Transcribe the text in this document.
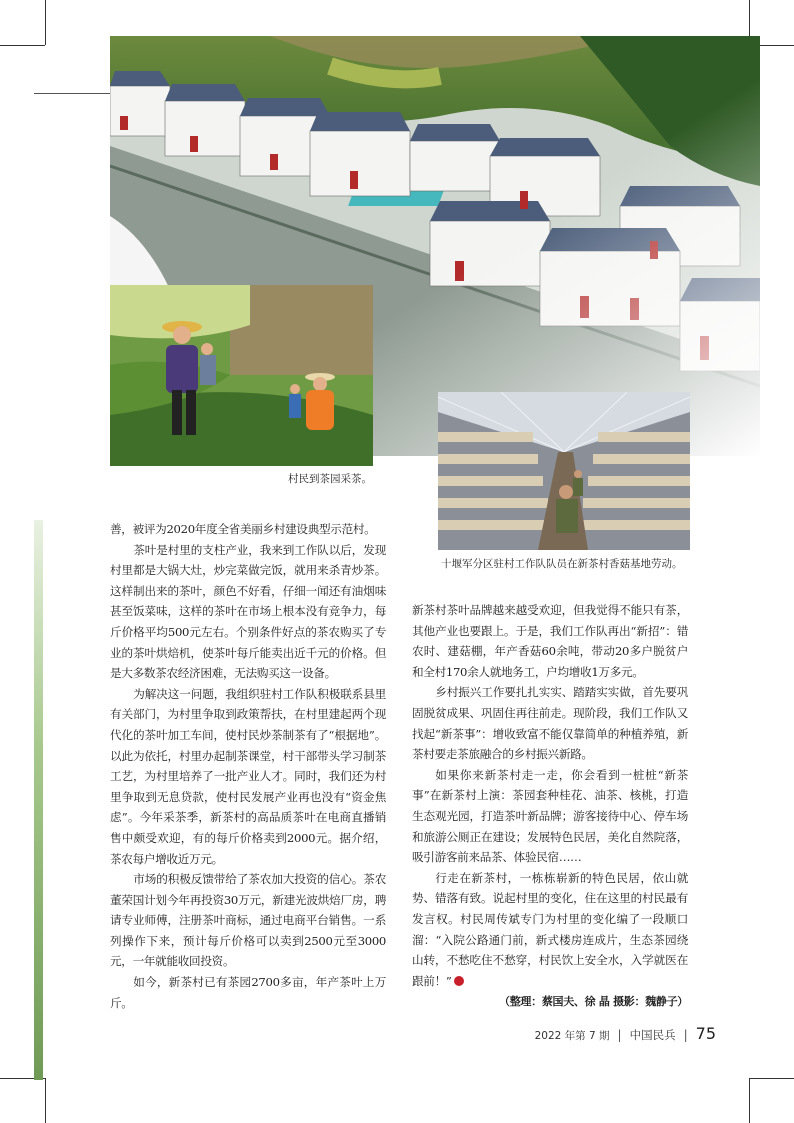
村民到茶园采茶。
十堰军分区驻村工作队队员在新茶村香菇基地劳动。

善，被评为2020年度全省美丽乡村建设典型示范村。

茶叶是村里的支柱产业，我来到工作队以后，发现村里都是大锅大灶，炒完菜做完饭，就用来杀青炒茶。这样制出来的茶叶，颜色不好看，仔细一闻还有油烟味甚至饭菜味，这样的茶叶在市场上根本没有竞争力，每斤价格平均500元左右。个别条件好点的茶农购买了专业的茶叶烘焙机，使茶叶每斤能卖出近千元的价格。但是大多数茶农经济困难，无法购买这一设备。

为解决这一问题，我组织驻村工作队积极联系县里有关部门，为村里争取到政策帮扶，在村里建起两个现代化的茶叶加工车间，使村民炒茶制茶有了“根据地”。以此为依托，村里办起制茶课堂，村干部带头学习制茶工艺，为村里培养了一批产业人才。同时，我们还为村里争取到无息贷款，使村民发展产业再也没有“资金焦虑”。今年采茶季，新茶村的高品质茶叶在电商直播销售中颇受欢迎，有的每斤价格卖到2000元。据介绍，茶农每户增收近万元。

市场的积极反馈带给了茶农加大投资的信心。茶农董荣国计划今年再投资30万元，新建光波烘焙厂房，聘请专业师傅，注册茶叶商标，通过电商平台销售。一系列操作下来，预计每斤价格可以卖到2500元至3000元，一年就能收回投资。

如今，新茶村已有茶园2700多亩，年产茶叶上万斤。

新茶村茶叶品牌越来越受欢迎，但我觉得不能只有茶，其他产业也要跟上。于是，我们工作队再出“新招”：错农时、建菇棚，年产香菇60余吨，带动20多户脱贫户和全村170余人就地务工，户均增收1万多元。

乡村振兴工作要扎扎实实、踏踏实实做，首先要巩固脱贫成果、巩固住再往前走。现阶段，我们工作队又找起“新茶事”：增收致富不能仅靠简单的种植养殖，新茶村要走茶旅融合的乡村振兴新路。

如果你来新茶村走一走，你会看到一桩桩“新茶事”在新茶村上演：茶园套种桂花、油茶、核桃，打造生态观光园，打造茶叶新品牌；游客接待中心、停车场和旅游公厕正在建设；发展特色民居，美化自然院落，吸引游客前来品茶、体验民宿……

行走在新茶村，一栋栋崭新的特色民居，依山就势、错落有致。说起村里的变化，住在这里的村民最有发言权。村民周传斌专门为村里的变化编了一段顺口溜：“入院公路通门前，新式楼房连成片，生态茶园绕山转，不愁吃住不愁穿，村民饮上安全水，入学就医在跟前！”

（整理：蔡国夫、徐 晶 摄影：魏静子）
2022 年第 7 期 | 中国民兵 | 75
